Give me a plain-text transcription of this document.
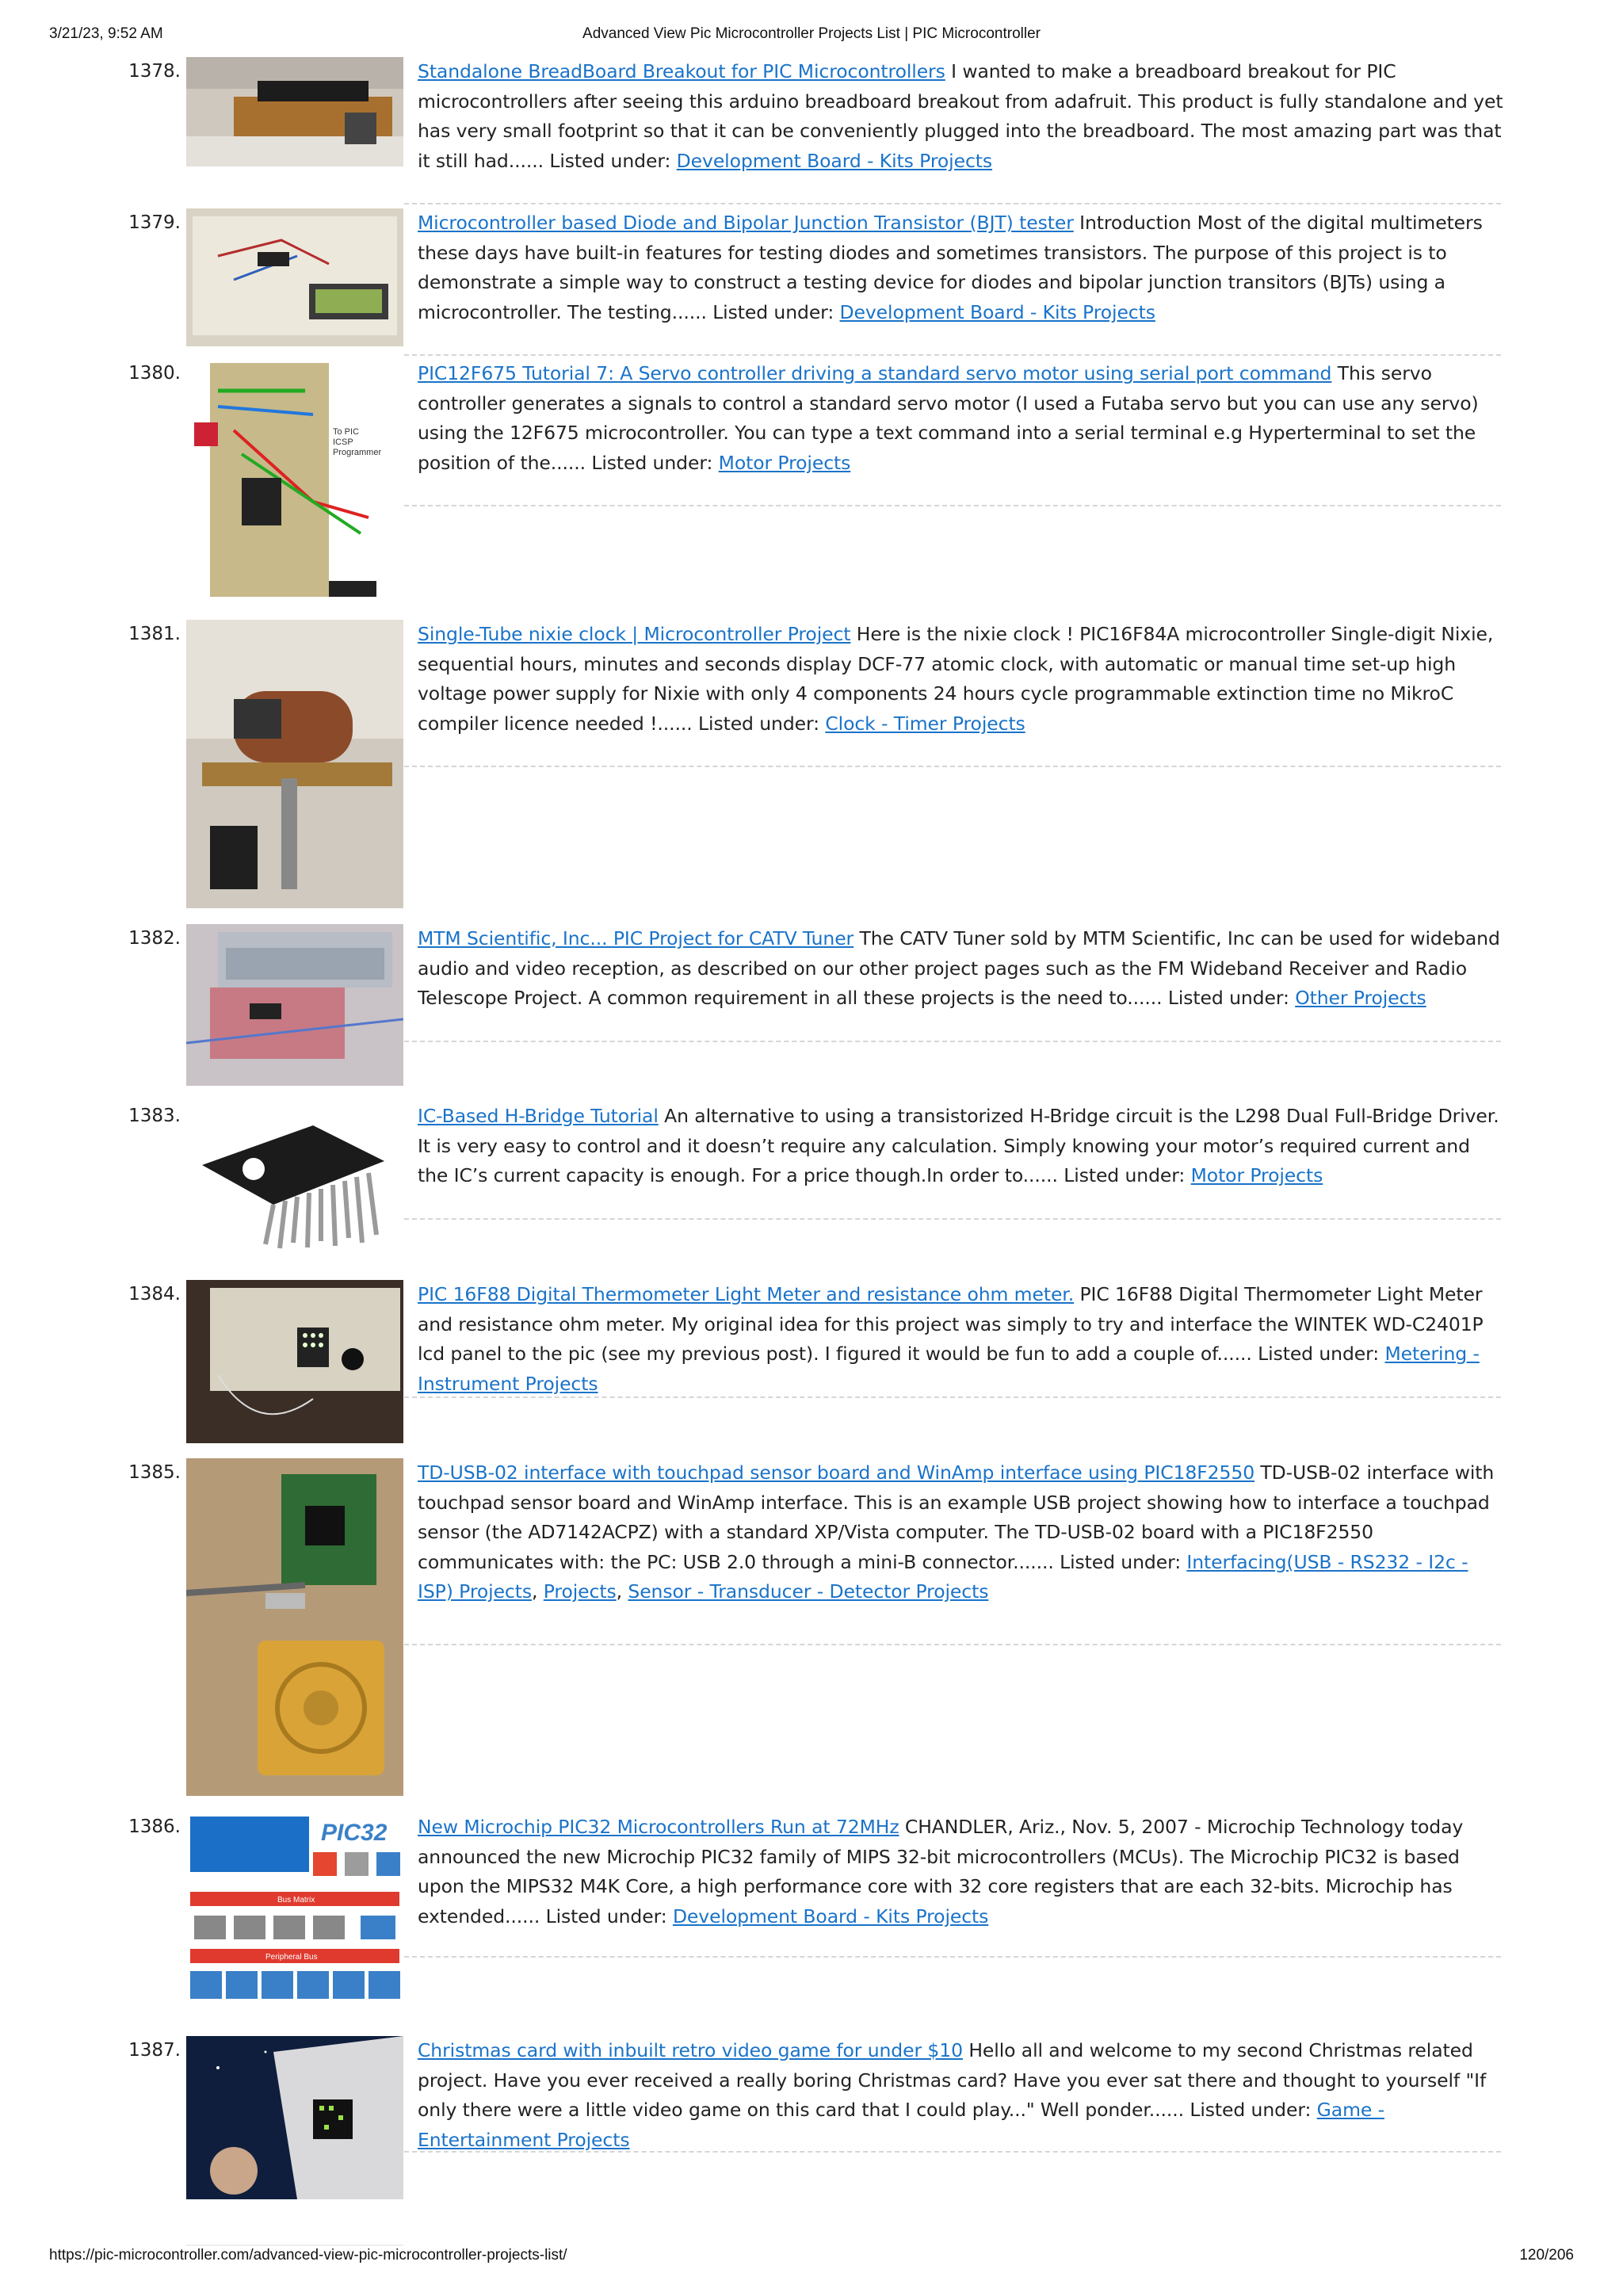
3/21/23, 9:52 AM	Advanced View Pic Microcontroller Projects List | PIC Microcontroller
1378.	Standalone BreadBoard Breakout for PIC Microcontrollers I wanted to make a breadboard breakout for PIC microcontrollers after seeing this arduino breadboard breakout from adafruit. This product is fully standalone and yet has very small footprint so that it can be conveniently plugged into the breadboard. The most amazing part was that it still had...... Listed under: Development Board - Kits Projects
1379.	Microcontroller based Diode and Bipolar Junction Transistor (BJT) tester Introduction Most of the digital multimeters these days have built-in features for testing diodes and sometimes transistors. The purpose of this project is to demonstrate a simple way to construct a testing device for diodes and bipolar junction transitors (BJTs) using a microcontroller. The testing...... Listed under: Development Board - Kits Projects
1380.
To PIC
ICSP
Programmer
PIC12F675 Tutorial 7: A Servo controller driving a standard servo motor using serial port command This servo controller generates a signals to control a standard servo motor (I used a Futaba servo but you can use any servo) using the 12F675 microcontroller. You can type a text command into a serial terminal e.g Hyperterminal to set the position of the...... Listed under: Motor Projects
1381.	Single-Tube nixie clock | Microcontroller Project Here is the nixie clock ! PIC16F84A microcontroller Single-digit Nixie, sequential hours, minutes and seconds display DCF-77 atomic clock, with automatic or manual time set-up high voltage power supply for Nixie with only 4 components 24 hours cycle programmable extinction time no MikroC compiler licence needed !...... Listed under: Clock - Timer Projects
1382.	MTM Scientific, Inc... PIC Project for CATV Tuner The CATV Tuner sold by MTM Scientific, Inc can be used for wideband audio and video reception, as described on our other project pages such as the FM Wideband Receiver and Radio Telescope Project. A common requirement in all these projects is the need to...... Listed under: Other Projects
1383.	IC-Based H-Bridge Tutorial An alternative to using a transistorized H-Bridge circuit is the L298 Dual Full-Bridge Driver. It is very easy to control and it doesn’t require any calculation. Simply knowing your motor’s required current and the IC’s current capacity is enough. For a price though.In order to...... Listed under: Motor Projects
1384.	PIC 16F88 Digital Thermometer Light Meter and resistance ohm meter. PIC 16F88 Digital Thermometer Light Meter and resistance ohm meter. My original idea for this project was simply to try and interface the WINTEK WD-C2401P lcd panel to the pic (see my previous post). I figured it would be fun to add a couple of...... Listed under: Metering - Instrument Projects
1385.	TD-USB-02 interface with touchpad sensor board and WinAmp interface using PIC18F2550 TD-USB-02 interface with touchpad sensor board and WinAmp interface. This is an example USB project showing how to interface a touchpad sensor (the AD7142ACPZ) with a standard XP/Vista computer. The TD-USB-02 board with a PIC18F2550 communicates with: the PC: USB 2.0 through a mini-B connector....... Listed under: Interfacing(USB - RS232 - I2c -ISP) Projects, Projects, Sensor - Transducer - Detector Projects
1386.	PIC32
Bus Matrix
Peripheral Bus
New Microchip PIC32 Microcontrollers Run at 72MHz CHANDLER, Ariz., Nov. 5, 2007 - Microchip Technology today announced the new Microchip PIC32 family of MIPS 32-bit microcontrollers (MCUs). The Microchip PIC32 is based upon the MIPS32 M4K Core, a high performance core with 32 core registers that are each 32-bits. Microchip has extended...... Listed under: Development Board - Kits Projects
1387.	Christmas card with inbuilt retro video game for under $10 Hello all and welcome to my second Christmas related project. Have you ever received a really boring Christmas card? Have you ever sat there and thought to yourself "If only there were a little video game on this card that I could play..." Well ponder...... Listed under: Game - Entertainment Projects
https://pic-microcontroller.com/advanced-view-pic-microcontroller-projects-list/	120/206
